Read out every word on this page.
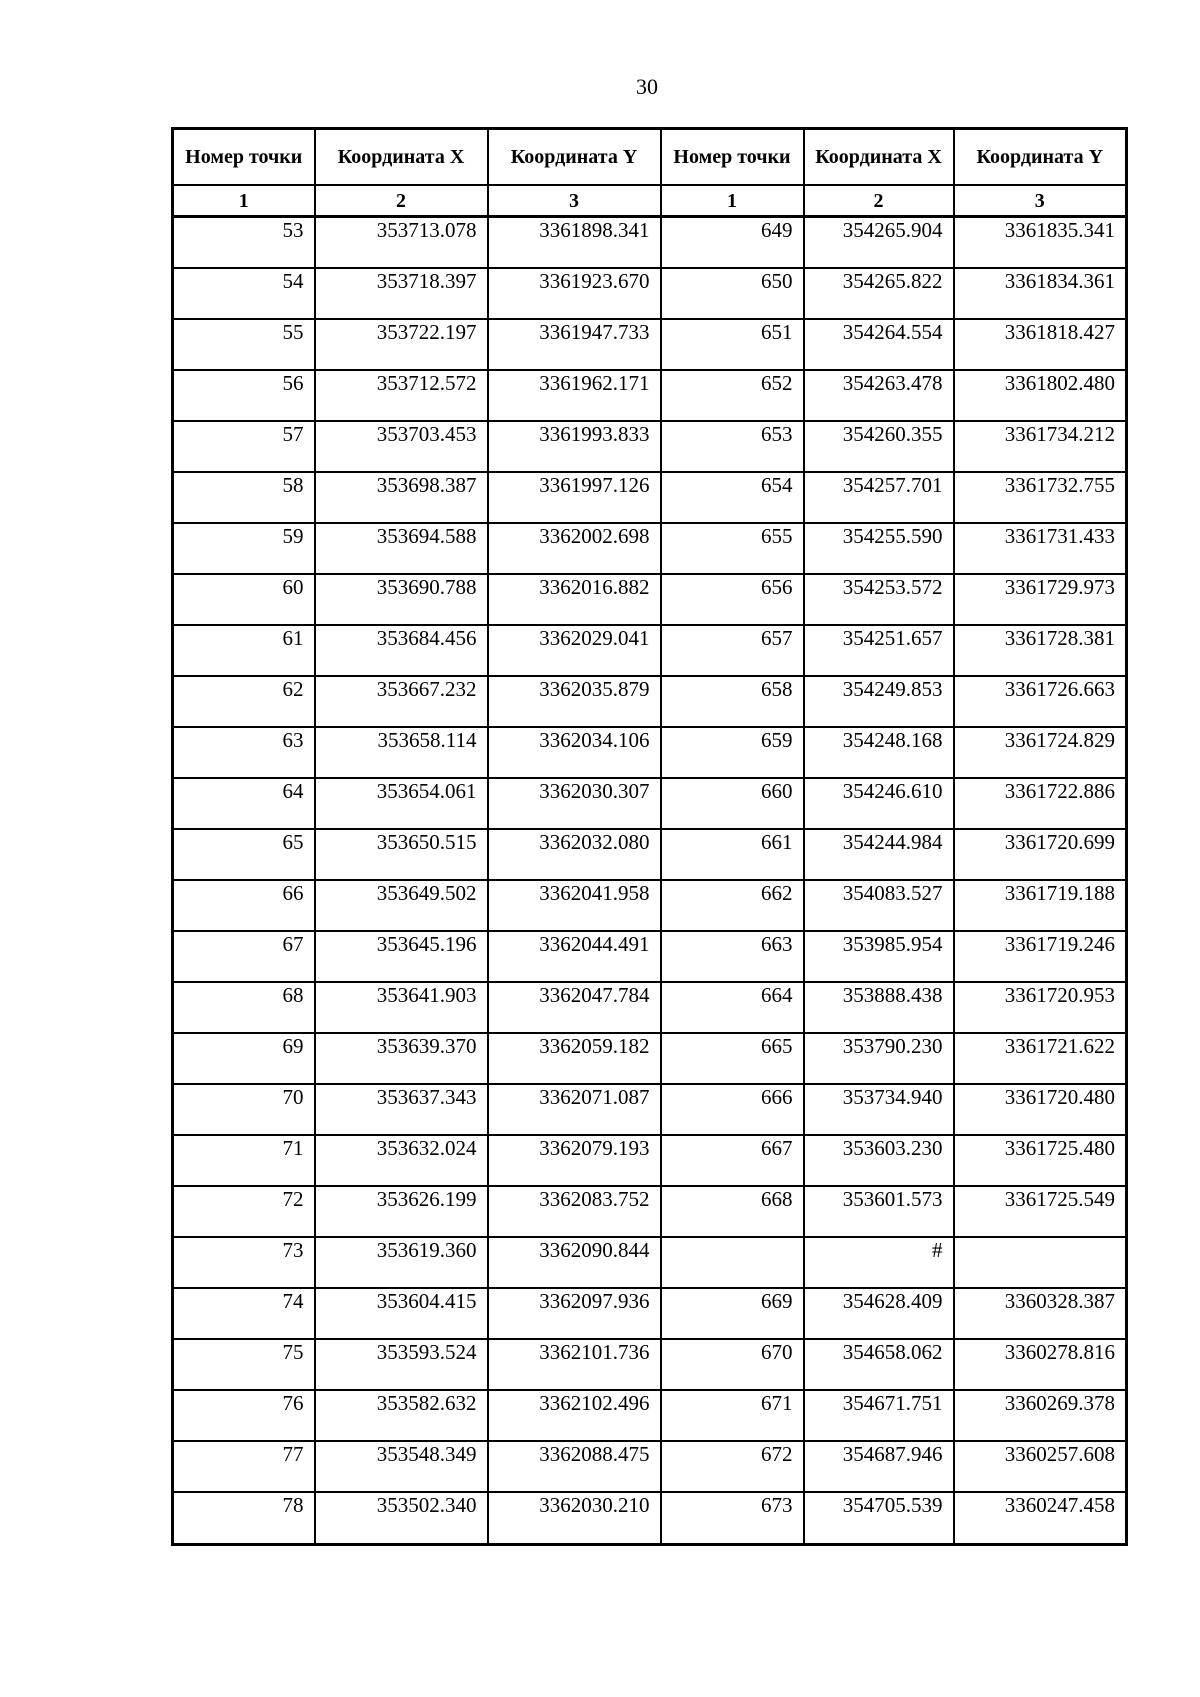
30
Номер точки	Координата X	Координата Y	Номер точки	Координата X	Координата Y
1	2	3	1	2	3
53	353713.078	3361898.341	649	354265.904	3361835.341
54	353718.397	3361923.670	650	354265.822	3361834.361
55	353722.197	3361947.733	651	354264.554	3361818.427
56	353712.572	3361962.171	652	354263.478	3361802.480
57	353703.453	3361993.833	653	354260.355	3361734.212
58	353698.387	3361997.126	654	354257.701	3361732.755
59	353694.588	3362002.698	655	354255.590	3361731.433
60	353690.788	3362016.882	656	354253.572	3361729.973
61	353684.456	3362029.041	657	354251.657	3361728.381
62	353667.232	3362035.879	658	354249.853	3361726.663
63	353658.114	3362034.106	659	354248.168	3361724.829
64	353654.061	3362030.307	660	354246.610	3361722.886
65	353650.515	3362032.080	661	354244.984	3361720.699
66	353649.502	3362041.958	662	354083.527	3361719.188
67	353645.196	3362044.491	663	353985.954	3361719.246
68	353641.903	3362047.784	664	353888.438	3361720.953
69	353639.370	3362059.182	665	353790.230	3361721.622
70	353637.343	3362071.087	666	353734.940	3361720.480
71	353632.024	3362079.193	667	353603.230	3361725.480
72	353626.199	3362083.752	668	353601.573	3361725.549
73	353619.360	3362090.844		#	
74	353604.415	3362097.936	669	354628.409	3360328.387
75	353593.524	3362101.736	670	354658.062	3360278.816
76	353582.632	3362102.496	671	354671.751	3360269.378
77	353548.349	3362088.475	672	354687.946	3360257.608
78	353502.340	3362030.210	673	354705.539	3360247.458
